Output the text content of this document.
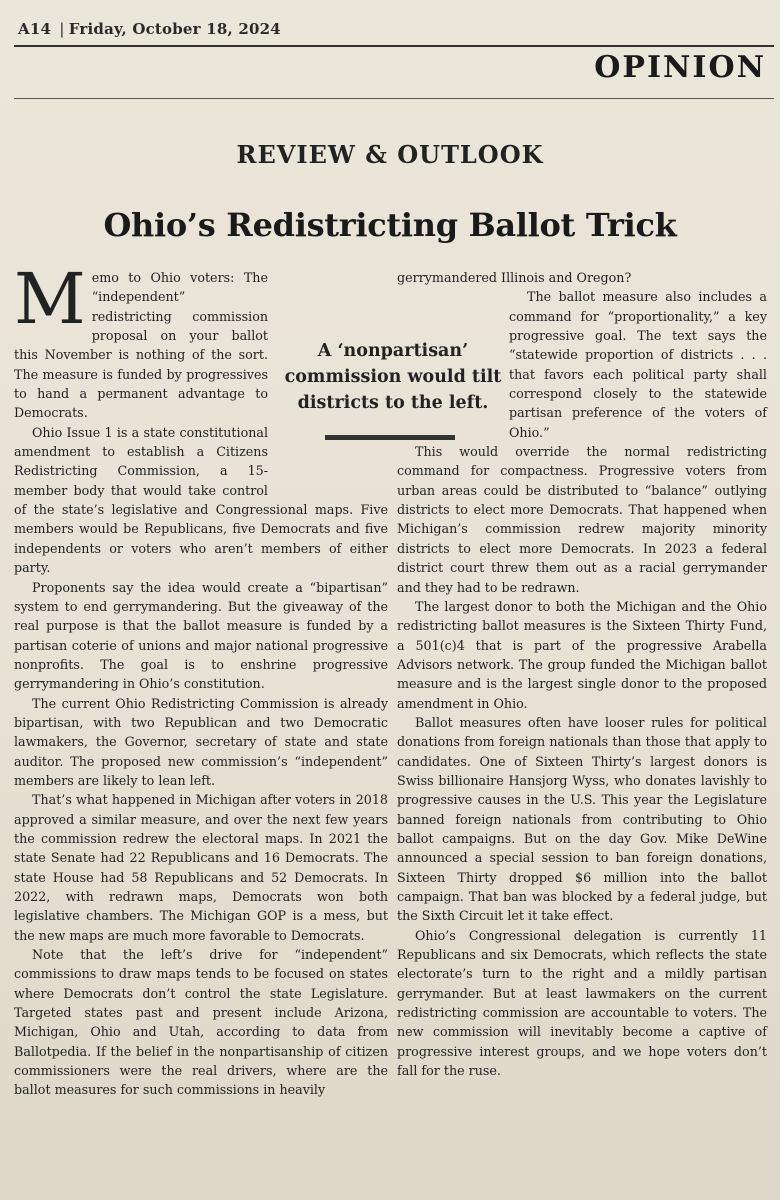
A14 | Friday, October 18, 2024
OPINION
REVIEW & OUTLOOK
Ohio’s Redistricting Ballot Trick

Memo to Ohio voters: The “independent” redistricting commission proposal on your ballot this November is nothing of the sort. The measure is funded by progressives to hand a permanent advantage to Democrats.

Ohio Issue 1 is a state constitutional amendment to establish a Citizens Redistricting Commission, a 15-member body that would take control of the state’s legislative and Congressional maps. Five members would be Republicans, five Democrats and five independents or voters who aren’t members of either party.

Proponents say the idea would create a “bipartisan” system to end gerrymandering. But the giveaway of the real purpose is that the ballot measure is funded by a partisan coterie of unions and major national progressive nonprofits. The goal is to enshrine progressive gerrymandering in Ohio’s constitution.

The current Ohio Redistricting Commission is already bipartisan, with two Republican and two Democratic lawmakers, the Governor, secretary of state and state auditor. The proposed new commission’s “independent” members are likely to lean left.

That’s what happened in Michigan after voters in 2018 approved a similar measure, and over the next few years the commission redrew the electoral maps. In 2021 the state Senate had 22 Republicans and 16 Democrats. The state House had 58 Republicans and 52 Democrats. In 2022, with redrawn maps, Democrats won both legislative chambers. The Michigan GOP is a mess, but the new maps are much more favorable to Democrats.

Note that the left’s drive for “independent” commissions to draw maps tends to be focused on states where Democrats don’t control the state Legislature. Targeted states past and present include Arizona, Michigan, Ohio and Utah, according to data from Ballotpedia. If the belief in the nonpartisanship of citizen commissioners were the real drivers, where are the ballot measures for such commissions in heavily

gerrymandered Illinois and Oregon?

The ballot measure also includes a command for “proportionality,” a key progressive goal. The text says the “statewide proportion of districts . . . that favors each political party shall correspond closely to the statewide partisan preference of the voters of Ohio.”

This would override the normal redistricting command for compactness. Progressive voters from urban areas could be distributed to “balance” outlying districts to elect more Democrats. That happened when Michigan’s commission redrew majority minority districts to elect more Democrats. In 2023 a federal district court threw them out as a racial gerrymander and they had to be redrawn.

The largest donor to both the Michigan and the Ohio redistricting ballot measures is the Sixteen Thirty Fund, a 501(c)4 that is part of the progressive Arabella Advisors network. The group funded the Michigan ballot measure and is the largest single donor to the proposed amendment in Ohio.

Ballot measures often have looser rules for political donations from foreign nationals than those that apply to candidates. One of Sixteen Thirty’s largest donors is Swiss billionaire Hansjorg Wyss, who donates lavishly to progressive causes in the U.S. This year the Legislature banned foreign nationals from contributing to Ohio ballot campaigns. But on the day Gov. Mike DeWine announced a special session to ban foreign donations, Sixteen Thirty dropped $6 million into the ballot campaign. That ban was blocked by a federal judge, but the Sixth Circuit let it take effect.

Ohio’s Congressional delegation is currently 11 Republicans and six Democrats, which reflects the state electorate’s turn to the right and a mildly partisan gerrymander. But at least lawmakers on the current redistricting commission are accountable to voters. The new commission will inevitably become a captive of progressive interest groups, and we hope voters don’t fall for the ruse.

A ‘nonpartisan’ commission would tilt districts to the left.
